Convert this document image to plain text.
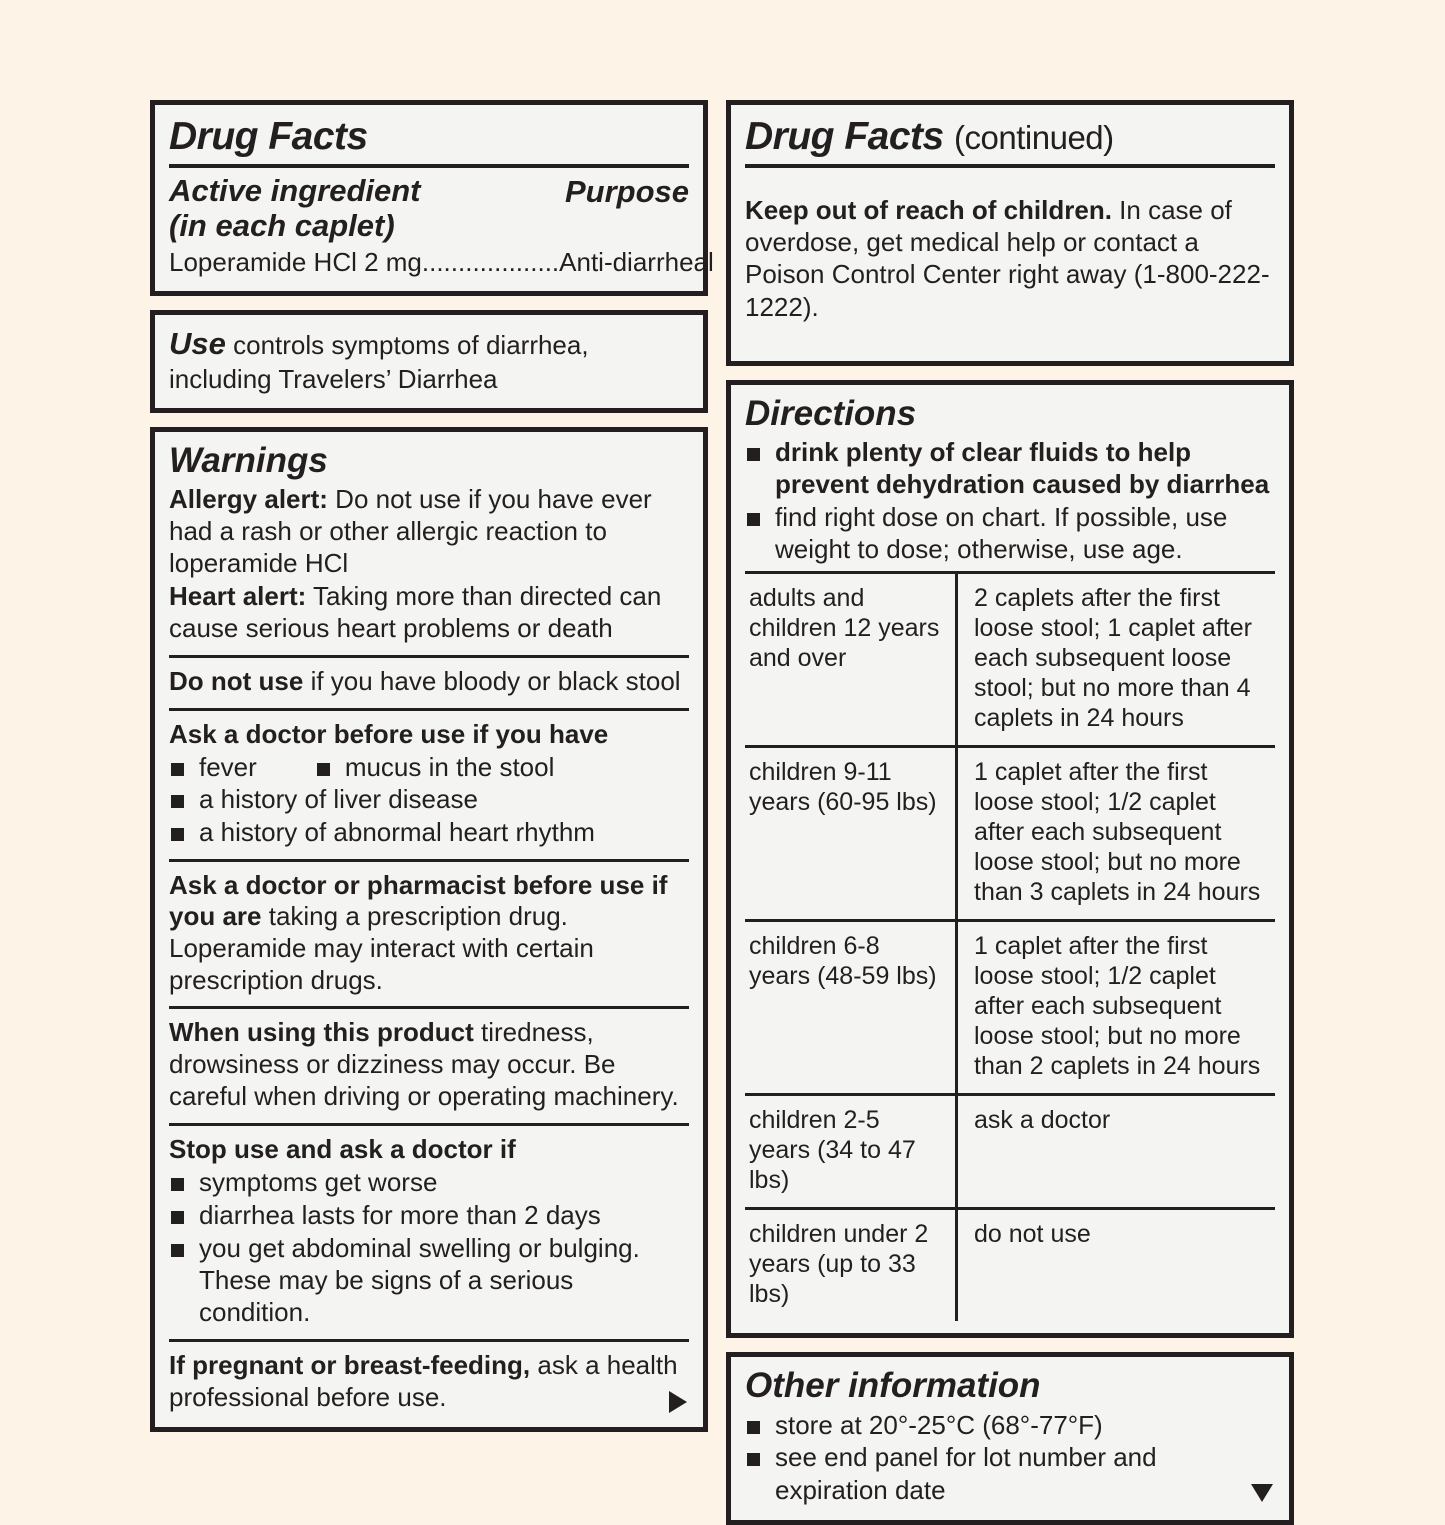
Drug Facts
Active ingredient
(in each caplet)
Purpose
Loperamide HCl 2 mg...................Anti-diarrheal
Use controls symptoms of diarrhea,
including Travelers’ Diarrhea
Warnings

Allergy alert: Do not use if you have ever had a rash or other allergic reaction to loperamide HCl

Heart alert: Taking more than directed can cause serious heart problems or death

Do not use if you have bloody or black stool

Ask a doctor before use if you have

fever	mucus in the stool
a history of liver disease
a history of abnormal heart rhythm

Ask a doctor or pharmacist before use if you are taking a prescription drug. Loperamide may interact with certain prescription drugs.

When using this product tiredness, drowsiness or dizziness may occur. Be careful when driving or operating machinery.

Stop use and ask a doctor if

symptoms get worse
diarrhea lasts for more than 2 days
you get abdominal swelling or bulging.
These may be signs of a serious condition.

If pregnant or breast-feeding, ask a health professional before use.

Drug Facts (continued)

Keep out of reach of children. In case of overdose, get medical help or contact a Poison Control Center right away (1-800-222-1222).

Directions
drink plenty of clear fluids to help prevent dehydration caused by diarrhea
find right dose on chart. If possible, use weight to dose; otherwise, use age.
adults and children 12 years and over	2 caplets after the first loose stool; 1 caplet after each subsequent loose stool; but no more than 4 caplets in 24 hours
children 9-11 years (60-95 lbs)	1 caplet after the first loose stool; 1/2 caplet after each subsequent loose stool; but no more than 3 caplets in 24 hours
children 6-8 years (48-59 lbs)	1 caplet after the first loose stool; 1/2 caplet after each subsequent loose stool; but no more than 2 caplets in 24 hours
children 2-5 years (34 to 47 lbs)	ask a doctor
children under 2 years (up to 33 lbs)	do not use
Other information
store at 20°-25°C (68°-77°F)
see end panel for lot number and
expiration date
